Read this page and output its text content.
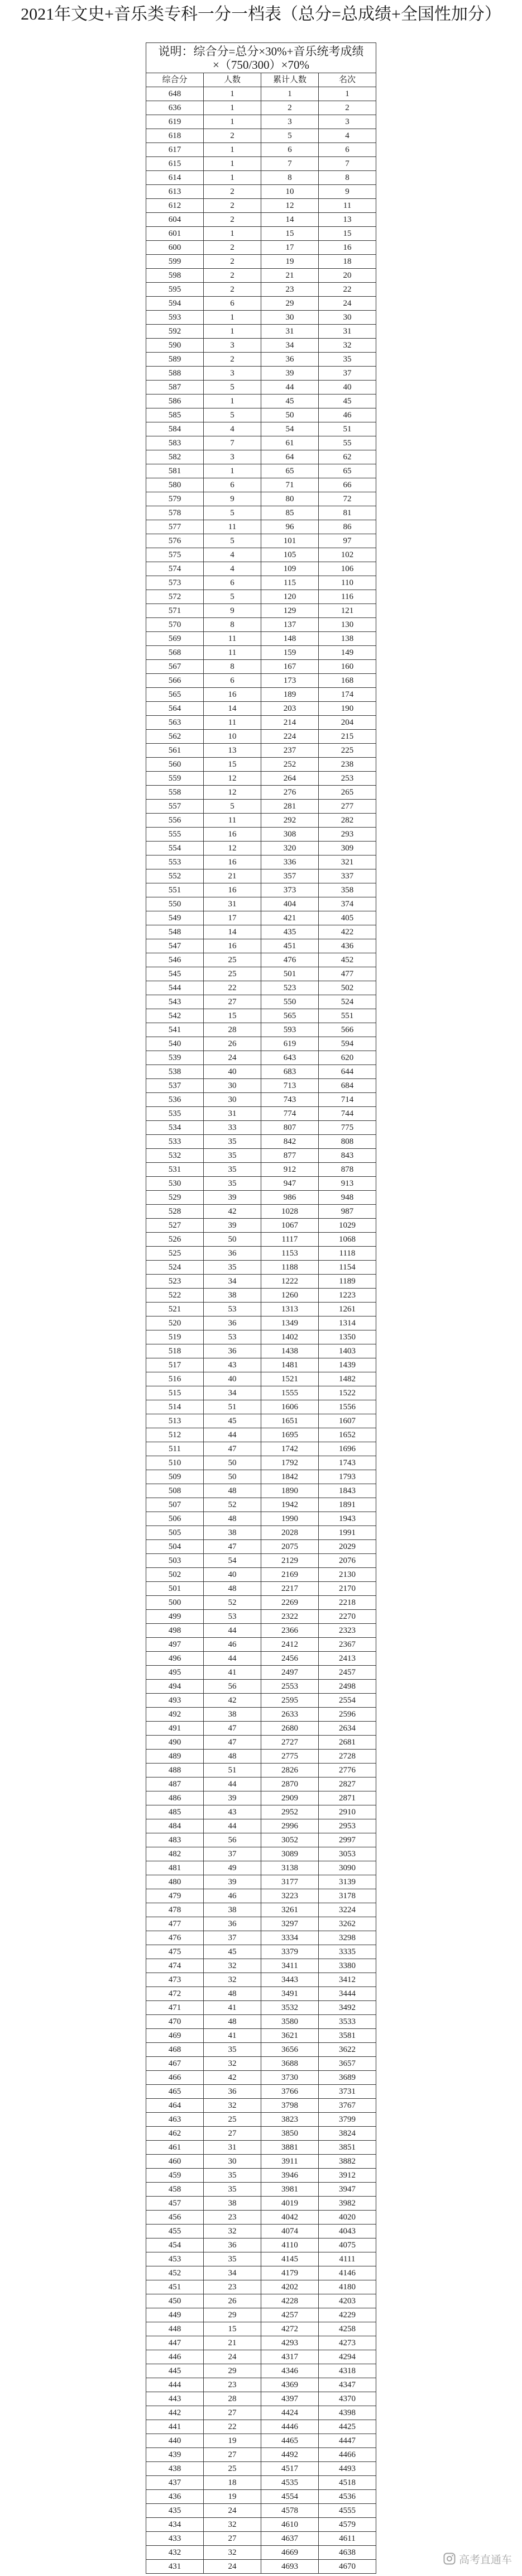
2021年文史+音乐类专科一分一档表（总分=总成绩+全国性加分）
说明：综合分=总分×30%+音乐统考成绩
×（750/300）×70%
综合分	人数	累计人数	名次
648	1	1	1
636	1	2	2
619	1	3	3
618	2	5	4
617	1	6	6
615	1	7	7
614	1	8	8
613	2	10	9
612	2	12	11
604	2	14	13
601	1	15	15
600	2	17	16
599	2	19	18
598	2	21	20
595	2	23	22
594	6	29	24
593	1	30	30
592	1	31	31
590	3	34	32
589	2	36	35
588	3	39	37
587	5	44	40
586	1	45	45
585	5	50	46
584	4	54	51
583	7	61	55
582	3	64	62
581	1	65	65
580	6	71	66
579	9	80	72
578	5	85	81
577	11	96	86
576	5	101	97
575	4	105	102
574	4	109	106
573	6	115	110
572	5	120	116
571	9	129	121
570	8	137	130
569	11	148	138
568	11	159	149
567	8	167	160
566	6	173	168
565	16	189	174
564	14	203	190
563	11	214	204
562	10	224	215
561	13	237	225
560	15	252	238
559	12	264	253
558	12	276	265
557	5	281	277
556	11	292	282
555	16	308	293
554	12	320	309
553	16	336	321
552	21	357	337
551	16	373	358
550	31	404	374
549	17	421	405
548	14	435	422
547	16	451	436
546	25	476	452
545	25	501	477
544	22	523	502
543	27	550	524
542	15	565	551
541	28	593	566
540	26	619	594
539	24	643	620
538	40	683	644
537	30	713	684
536	30	743	714
535	31	774	744
534	33	807	775
533	35	842	808
532	35	877	843
531	35	912	878
530	35	947	913
529	39	986	948
528	42	1028	987
527	39	1067	1029
526	50	1117	1068
525	36	1153	1118
524	35	1188	1154
523	34	1222	1189
522	38	1260	1223
521	53	1313	1261
520	36	1349	1314
519	53	1402	1350
518	36	1438	1403
517	43	1481	1439
516	40	1521	1482
515	34	1555	1522
514	51	1606	1556
513	45	1651	1607
512	44	1695	1652
511	47	1742	1696
510	50	1792	1743
509	50	1842	1793
508	48	1890	1843
507	52	1942	1891
506	48	1990	1943
505	38	2028	1991
504	47	2075	2029
503	54	2129	2076
502	40	2169	2130
501	48	2217	2170
500	52	2269	2218
499	53	2322	2270
498	44	2366	2323
497	46	2412	2367
496	44	2456	2413
495	41	2497	2457
494	56	2553	2498
493	42	2595	2554
492	38	2633	2596
491	47	2680	2634
490	47	2727	2681
489	48	2775	2728
488	51	2826	2776
487	44	2870	2827
486	39	2909	2871
485	43	2952	2910
484	44	2996	2953
483	56	3052	2997
482	37	3089	3053
481	49	3138	3090
480	39	3177	3139
479	46	3223	3178
478	38	3261	3224
477	36	3297	3262
476	37	3334	3298
475	45	3379	3335
474	32	3411	3380
473	32	3443	3412
472	48	3491	3444
471	41	3532	3492
470	48	3580	3533
469	41	3621	3581
468	35	3656	3622
467	32	3688	3657
466	42	3730	3689
465	36	3766	3731
464	32	3798	3767
463	25	3823	3799
462	27	3850	3824
461	31	3881	3851
460	30	3911	3882
459	35	3946	3912
458	35	3981	3947
457	38	4019	3982
456	23	4042	4020
455	32	4074	4043
454	36	4110	4075
453	35	4145	4111
452	34	4179	4146
451	23	4202	4180
450	26	4228	4203
449	29	4257	4229
448	15	4272	4258
447	21	4293	4273
446	24	4317	4294
445	29	4346	4318
444	23	4369	4347
443	28	4397	4370
442	27	4424	4398
441	22	4446	4425
440	19	4465	4447
439	27	4492	4466
438	25	4517	4493
437	18	4535	4518
436	19	4554	4536
435	24	4578	4555
434	32	4610	4579
433	27	4637	4611
432	32	4669	4638
431	24	4693	4670
高考直通车
